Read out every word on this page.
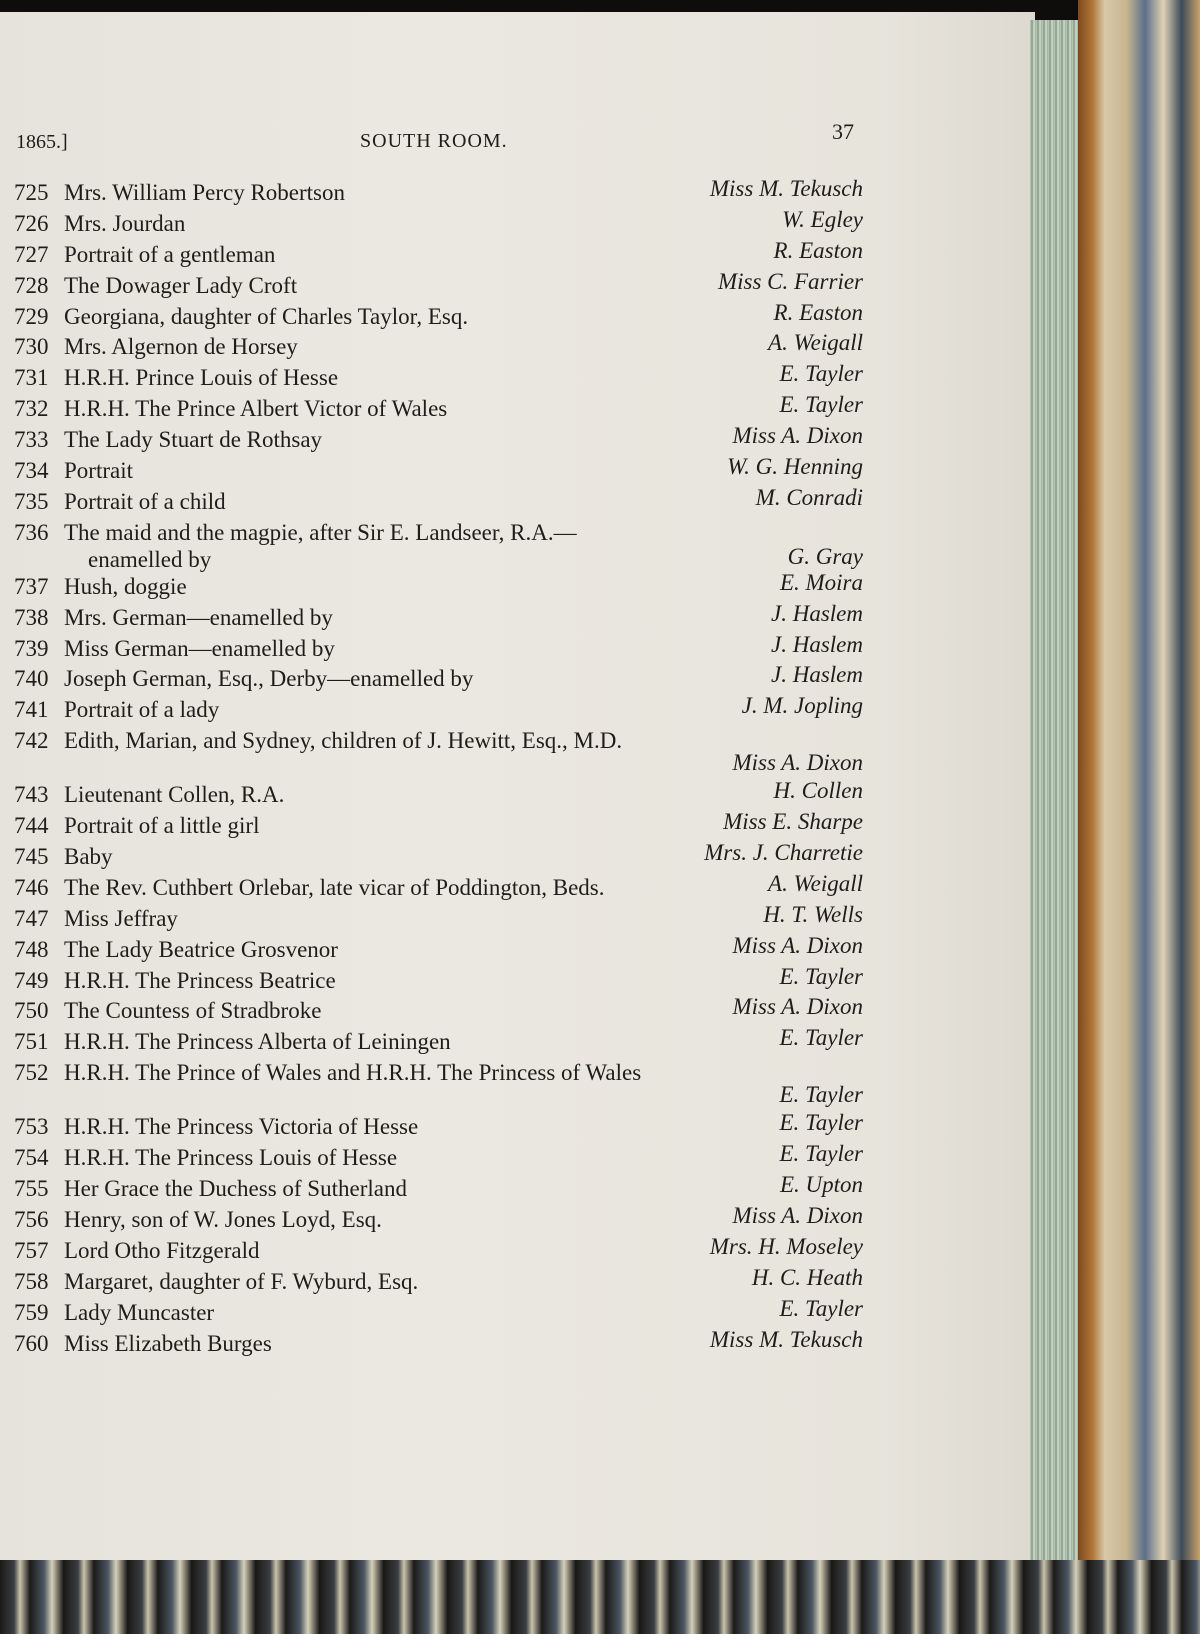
1865.]	SOUTH ROOM.	37
725 Mrs. William Percy Robertson	Miss M. Tekusch
726 Mrs. Jourdan	W. Egley
727 Portrait of a gentleman	R. Easton
728 The Dowager Lady Croft	Miss C. Farrier
729 Georgiana, daughter of Charles Taylor, Esq.	R. Easton
730 Mrs. Algernon de Horsey	A. Weigall
731 H.R.H. Prince Louis of Hesse	E. Tayler
732 H.R.H. The Prince Albert Victor of Wales	E. Tayler
733 The Lady Stuart de Rothsay	Miss A. Dixon
734 Portrait	W. G. Henning
735 Portrait of a child	M. Conradi
736 The maid and the magpie, after Sir E. Landseer, R.A.—
enamelled by	G. Gray
737 Hush, doggie	E. Moira
738 Mrs. German—enamelled by	J. Haslem
739 Miss German—enamelled by	J. Haslem
740 Joseph German, Esq., Derby—enamelled by	J. Haslem
741 Portrait of a lady	J. M. Jopling
742 Edith, Marian, and Sydney, children of J. Hewitt, Esq., M.D.
Miss A. Dixon
743 Lieutenant Collen, R.A.	H. Collen
744 Portrait of a little girl	Miss E. Sharpe
745 Baby	Mrs. J. Charretie
746 The Rev. Cuthbert Orlebar, late vicar of Poddington, Beds.	A. Weigall
747 Miss Jeffray	H. T. Wells
748 The Lady Beatrice Grosvenor	Miss A. Dixon
749 H.R.H. The Princess Beatrice	E. Tayler
750 The Countess of Stradbroke	Miss A. Dixon
751 H.R.H. The Princess Alberta of Leiningen	E. Tayler
752 H.R.H. The Prince of Wales and H.R.H. The Princess of Wales
E. Tayler
753 H.R.H. The Princess Victoria of Hesse	E. Tayler
754 H.R.H. The Princess Louis of Hesse	E. Tayler
755 Her Grace the Duchess of Sutherland	E. Upton
756 Henry, son of W. Jones Loyd, Esq.	Miss A. Dixon
757 Lord Otho Fitzgerald	Mrs. H. Moseley
758 Margaret, daughter of F. Wyburd, Esq.	H. C. Heath
759 Lady Muncaster	E. Tayler
760 Miss Elizabeth Burges	Miss M. Tekusch
